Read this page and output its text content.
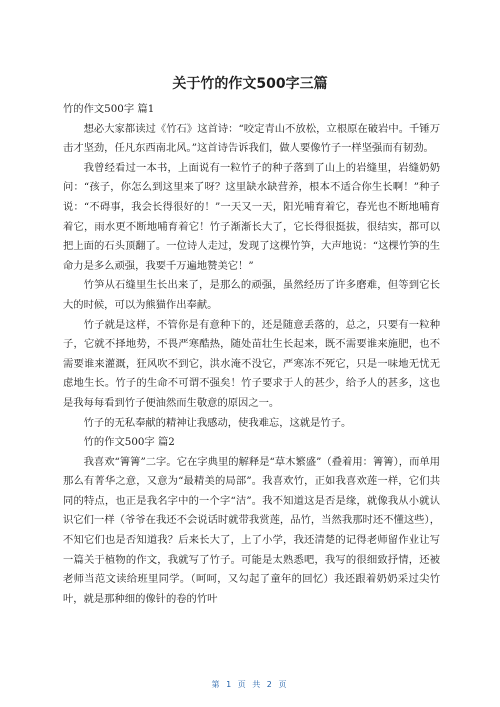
关于竹的作文500字三篇

竹的作文500字 篇1

想必大家都读过《竹石》这首诗：“咬定青山不放松，立根原在破岩中。千锤万击才坚劲，任凡东西南北风。”这首诗告诉我们，做人要像竹子一样坚强而有韧劲。

我曾经看过一本书，上面说有一粒竹子的种子落到了山上的岩缝里，岩缝奶奶问：“孩子，你怎么到这里来了呀？这里缺水缺营养，根本不适合你生长啊！”种子说：“不碍事，我会长得很好的！”一天又一天，阳光哺育着它，春光也不断地哺育着它，雨水更不断地哺育着它！竹子渐渐长大了，它长得很挺拔，很结实，都可以把上面的石头顶翻了。一位诗人走过，发现了这棵竹笋，大声地说：“这棵竹笋的生命力是多么顽强，我要千万遍地赞美它！”

竹笋从石缝里生长出来了，是那么的顽强，虽然经历了许多磨难，但等到它长大的时候，可以为熊猫作出奉献。

竹子就是这样，不管你是有意种下的，还是随意丢落的，总之，只要有一粒种子，它就不择地势，不畏严寒酷热，随处苗壮生长起来，既不需要谁来施肥，也不需要谁来灌溉，狂风吹不到它，洪水淹不没它，严寒冻不死它，只是一味地无忧无虑地生长。竹子的生命不可谓不强矣！竹子要求于人的甚少，给予人的甚多，这也是我每每看到竹子便油然而生敬意的原因之一。

竹子的无私奉献的精神让我感动，使我难忘，这就是竹子。

竹的作文500字 篇2

我喜欢“箐箐”二字。它在字典里的解释是“草木繁盛”（叠着用：箐箐），而单用那么有菁华之意，又意为“最精美的局部”。我喜欢竹，正如我喜欢莲一样，它们共同的特点，也正是我名字中的一个字“洁”。我不知道这是否是缘，就像我从小就认识它们一样（爷爷在我还不会说话时就带我赏莲，品竹，当然我那时还不懂这些），不知它们也是否知道我？后来长大了，上了小学，我还清楚的记得老师留作业让写一篇关于植物的作文，我就写了竹子。可能是太熟悉吧，我写的很细致抒情，还被老师当范文读给班里同学。（呵呵，又勾起了童年的回忆）我还跟着奶奶采过尖竹叶，就是那种细的像针的卷的竹叶

第 1 页 共 2 页
